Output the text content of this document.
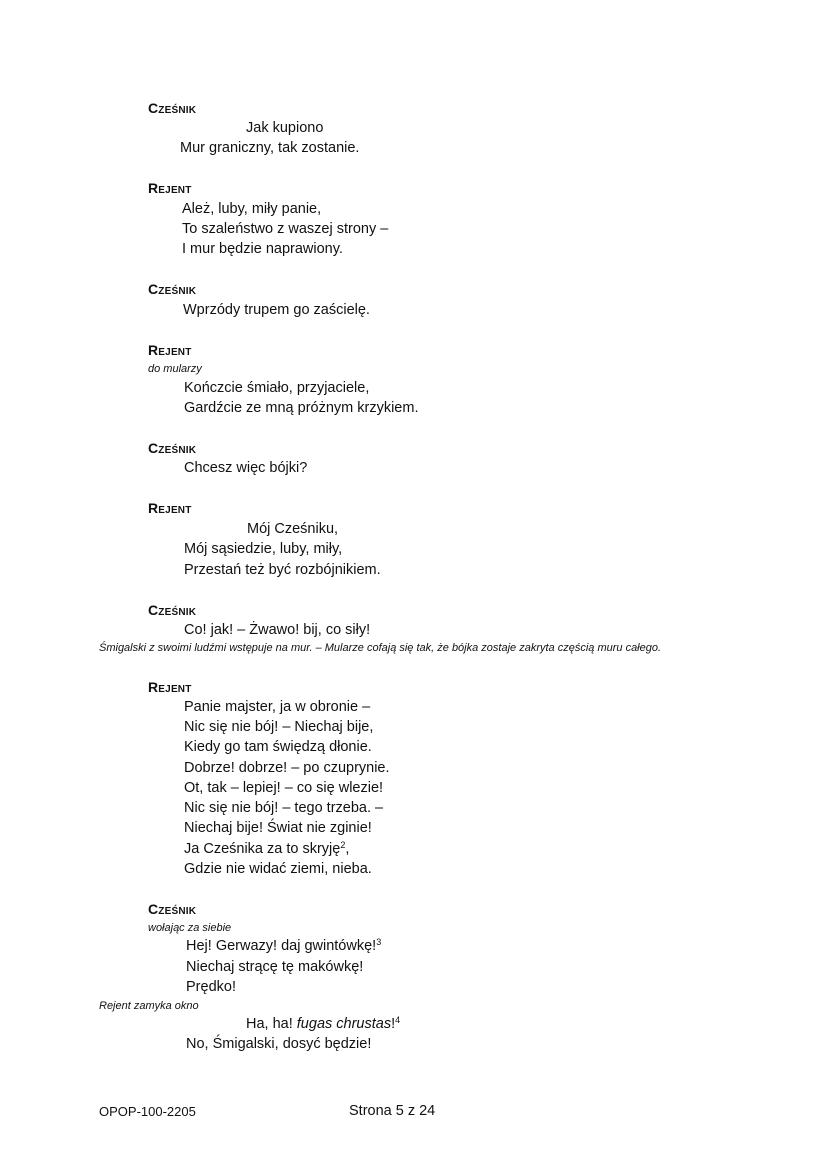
Cześnik
Jak kupiono
Mur graniczny, tak zostanie.
Rejent
Ależ, luby, miły panie,
To szaleństwo z waszej strony –
I mur będzie naprawiony.
Cześnik
Wprzódy trupem go zaścielę.
Rejent
do mularzy
Kończcie śmiało, przyjaciele,
Gardźcie ze mną próżnym krzykiem.
Cześnik
Chcesz więc bójki?
Rejent
Mój Cześniku,
Mój sąsiedzie, luby, miły,
Przestań też być rozbójnikiem.
Cześnik
Co! jak! – Żwawo! bij, co siły!
Śmigalski z swoimi ludźmi wstępuje na mur. – Mularze cofają się tak, że bójka zostaje zakryta częścią muru całego.
Rejent
Panie majster, ja w obronie –
Nic się nie bój! – Niechaj bije,
Kiedy go tam świędzą dłonie.
Dobrze! dobrze! – po czuprynie.
Ot, tak – lepiej! – co się wlezie!
Nic się nie bój! – tego trzeba. –
Niechaj bije! Świat nie zginie!
Ja Cześnika za to skryję$^2$,
Gdzie nie widać ziemi, nieba.
Cześnik
wołając za siebie
Hej! Gerwazy! daj gwintówkę!$^3$
Niechaj strącę tę makówkę!
Prędko!
Rejent zamyka okno
Ha, ha! fugas chrustas!$^4$
No, Śmigalski, dosyć będzie!
OPOP-100-2205	Strona 5 z 24
